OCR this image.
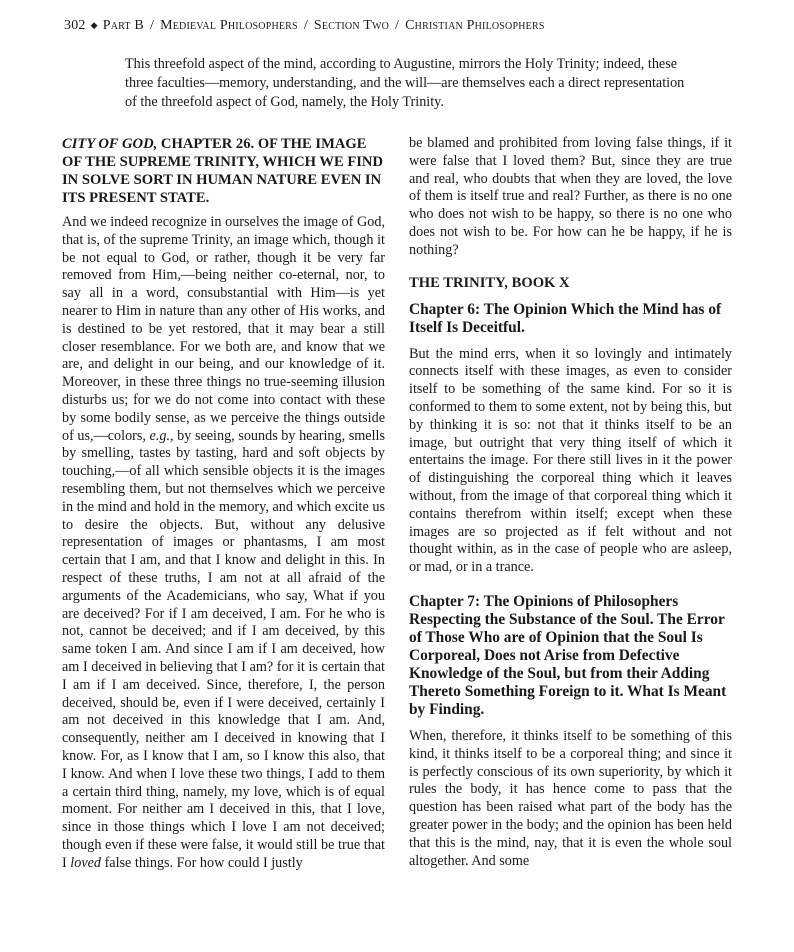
302 ◆ Part B / Medieval Philosophers / Section Two / Christian Philosophers

This threefold aspect of the mind, according to Augustine, mirrors the Holy Trinity; indeed, these three faculties—memory, understanding, and the will—are themselves each a direct representation of the threefold aspect of God, namely, the Holy Trinity.

CITY OF GOD, CHAPTER 26. OF THE IMAGE OF THE SUPREME TRINITY, WHICH WE FIND IN SOLVE SORT IN HUMAN NATURE EVEN IN ITS PRESENT STATE.

And we indeed recognize in ourselves the image of God, that is, of the supreme Trinity, an image which, though it be not equal to God, or rather, though it be very far removed from Him,—being neither co-eternal, nor, to say all in a word, consubstantial with Him—is yet nearer to Him in nature than any other of His works, and is destined to be yet restored, that it may bear a still closer resemblance. For we both are, and know that we are, and delight in our being, and our knowledge of it. Moreover, in these three things no true-seeming illusion disturbs us; for we do not come into contact with these by some bodily sense, as we perceive the things outside of us,—colors, e.g., by seeing, sounds by hearing, smells by smelling, tastes by tasting, hard and soft objects by touching,—of all which sensible objects it is the images resembling them, but not themselves which we perceive in the mind and hold in the memory, and which excite us to desire the objects. But, without any delusive representation of images or phantasms, I am most certain that I am, and that I know and delight in this. In respect of these truths, I am not at all afraid of the arguments of the Academicians, who say, What if you are deceived? For if I am deceived, I am. For he who is not, cannot be deceived; and if I am deceived, by this same token I am. And since I am if I am deceived, how am I deceived in believing that I am? for it is certain that I am if I am deceived. Since, therefore, I, the person deceived, should be, even if I were deceived, certainly I am not deceived in this knowledge that I am. And, consequently, neither am I deceived in knowing that I know. For, as I know that I am, so I know this also, that I know. And when I love these two things, I add to them a certain third thing, namely, my love, which is of equal moment. For neither am I deceived in this, that I love, since in those things which I love I am not deceived; though even if these were false, it would still be true that I loved false things. For how could I justly

be blamed and prohibited from loving false things, if it were false that I loved them? But, since they are true and real, who doubts that when they are loved, the love of them is itself true and real? Further, as there is no one who does not wish to be happy, so there is no one who does not wish to be. For how can he be happy, if he is nothing?

THE TRINITY, BOOK X
Chapter 6: The Opinion Which the Mind has of Itself Is Deceitful.

But the mind errs, when it so lovingly and intimately connects itself with these images, as even to consider itself to be something of the same kind. For so it is conformed to them to some extent, not by being this, but by thinking it is so: not that it thinks itself to be an image, but outright that very thing itself of which it entertains the image. For there still lives in it the power of distinguishing the corporeal thing which it leaves without, from the image of that corporeal thing which it contains therefrom within itself; except when these images are so projected as if felt without and not thought within, as in the case of people who are asleep, or mad, or in a trance.

Chapter 7: The Opinions of Philosophers Respecting the Substance of the Soul. The Error of Those Who are of Opinion that the Soul Is Corporeal, Does not Arise from Defective Knowledge of the Soul, but from their Adding Thereto Something Foreign to it. What Is Meant by Finding.

When, therefore, it thinks itself to be something of this kind, it thinks itself to be a corporeal thing; and since it is perfectly conscious of its own superiority, by which it rules the body, it has hence come to pass that the question has been raised what part of the body has the greater power in the body; and the opinion has been held that this is the mind, nay, that it is even the whole soul altogether. And some
